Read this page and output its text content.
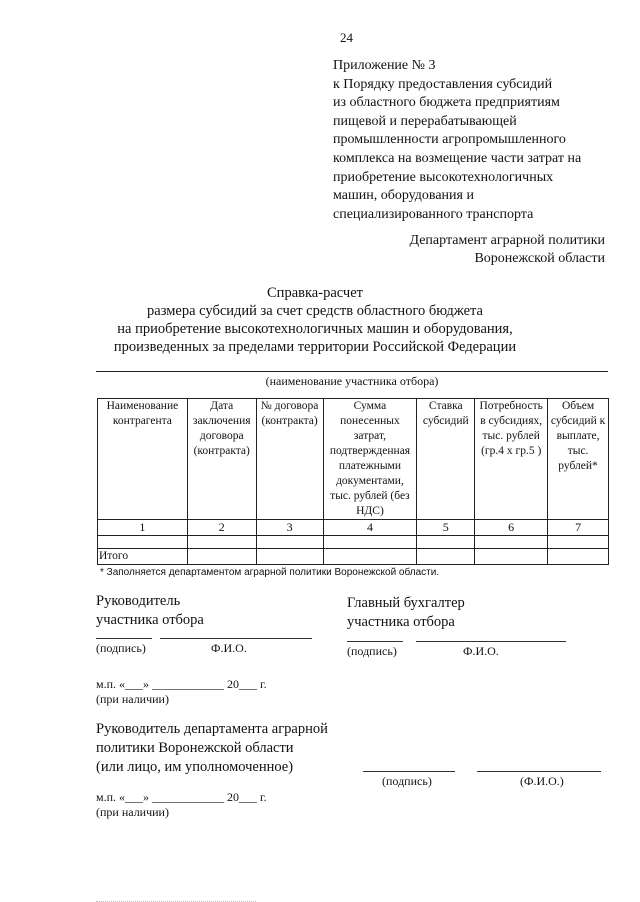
24
Приложение № 3
к Порядку предоставления субсидий
из областного бюджета предприятиям
пищевой и перерабатывающей
промышленности агропромышленного
комплекса на возмещение части затрат на
приобретение высокотехнологичных
машин, оборудования и
специализированного транспорта
Департамент аграрной политики
Воронежской области
Справка-расчет
размера субсидий за счет средств областного бюджета
на приобретение высокотехнологичных машин и оборудования,
произведенных за пределами территории Российской Федерации
(наименование участника отбора)
Наименование контрагента	Дата заключения договора (контракта)	№ договора (контракта)	Сумма понесенных затрат, подтвержденная платежными документами, тыс. рублей (без НДС)	Ставка субсидий	Потребность в субсидиях, тыс. рублей (гр.4 х гр.5 )	Объем субсидий к выплате, тыс. рублей*
1	2	3	4	5	6	7

Итого						
* Заполняется департаментом аграрной политики Воронежской области.
Руководитель
участника отбора
(подпись)	Ф.И.О.
Главный бухгалтер
участника отбора
(подпись)	Ф.И.О.
м.п. «___» ____________ 20___ г.
(при наличии)
Руководитель департамента аграрной
политики Воронежской области
(или лицо, им уполномоченное)
(подпись)	(Ф.И.О.)
м.п. «___» ____________ 20___ г.
(при наличии)
